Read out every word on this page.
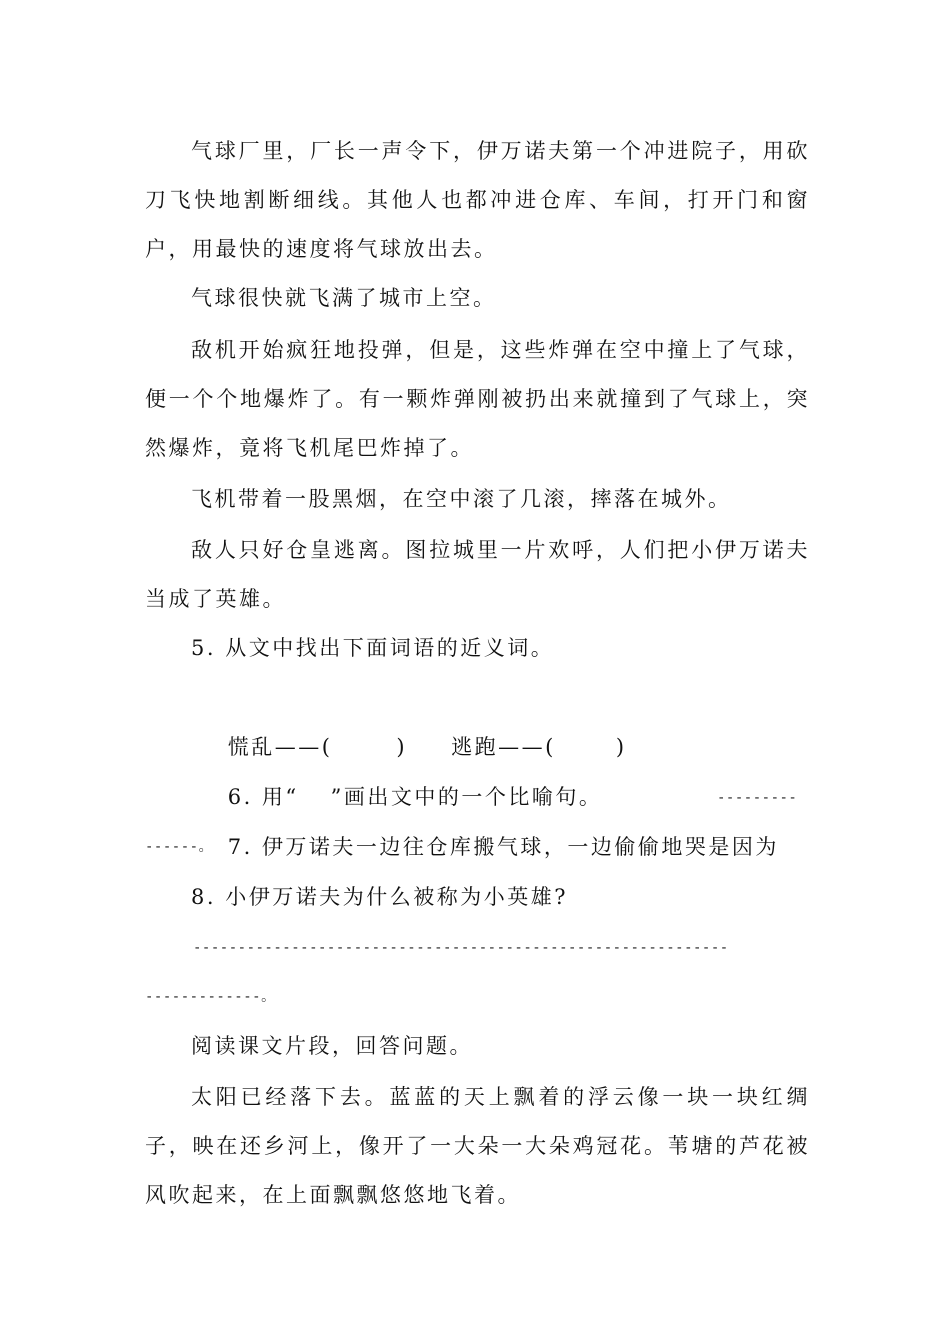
气球厂里，厂长一声令下，伊万诺夫第一个冲进院子，用砍刀飞快地割断细线。其他人也都冲进仓库、车间，打开门和窗户，用最快的速度将气球放出去。
气球很快就飞满了城市上空。
敌机开始疯狂地投弹，但是，这些炸弹在空中撞上了气球，便一个个地爆炸了。有一颗炸弹刚被扔出来就撞到了气球上，突然爆炸，竟将飞机尾巴炸掉了。
飞机带着一股黑烟，在空中滚了几滚，摔落在城外。
敌人只好仓皇逃离。图拉城里一片欢呼，人们把小伊万诺夫当成了英雄。
5. 从文中找出下面词语的近义词。

慌乱——(	) 逃跑——(	)

6. 用“ ”画出文中的一个比喻句。

7. 伊万诺夫一边往仓库搬气球，一边偷偷地哭是因为

---------
------。
8. 小伊万诺夫为什么被称为小英雄?
------------------------------------------------------------
-------------。
阅读课文片段，回答问题。
太阳已经落下去。蓝蓝的天上飘着的浮云像一块一块红绸子，映在还乡河上，像开了一大朵一大朵鸡冠花。苇塘的芦花被风吹起来，在上面飘飘悠悠地飞着。
